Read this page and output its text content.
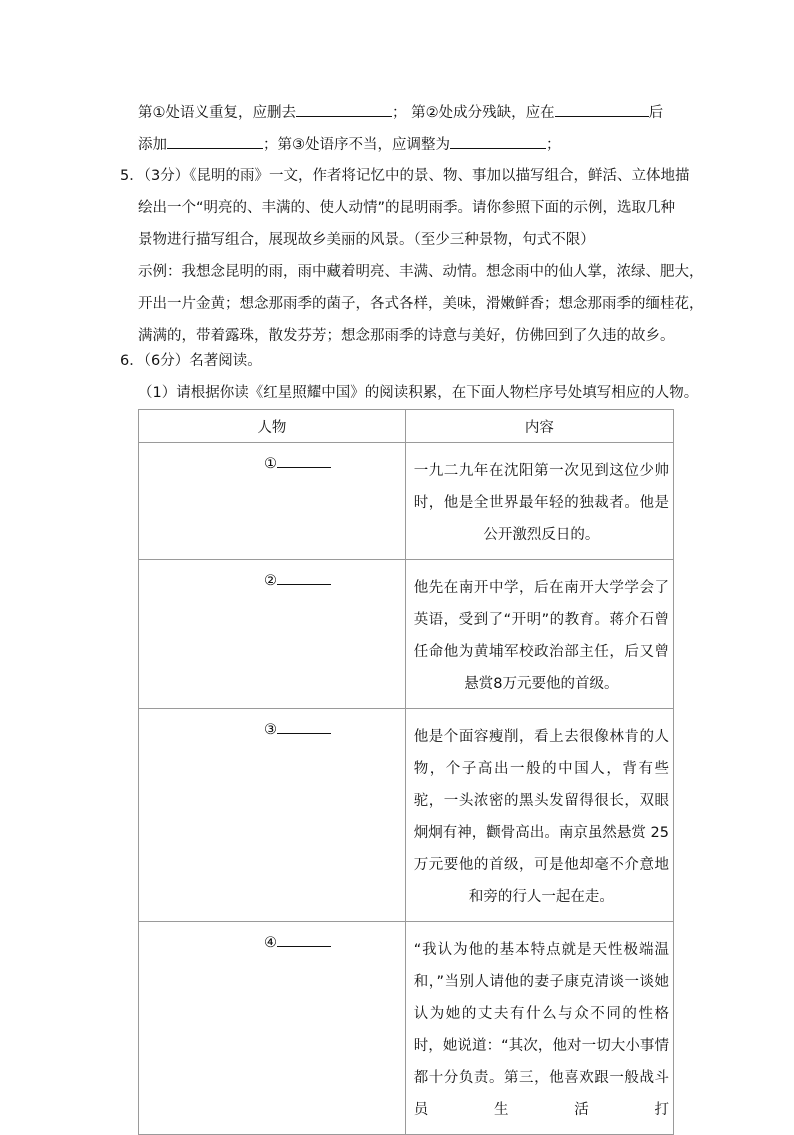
第①处语义重复，应删去	； 第②处成分残缺，应在	后
添加	；第③处语序不当，应调整为	；
5．（3分）《昆明的雨》一文，作者将记忆中的景、物、事加以描写组合，鲜活、立体地描
绘出一个“明亮的、丰满的、使人动情”的昆明雨季。请你参照下面的示例，选取几种
景物进行描写组合，展现故乡美丽的风景。（至少三种景物，句式不限）
示例：我想念昆明的雨，雨中藏着明亮、丰满、动情。想念雨中的仙人掌，浓绿、肥大，
开出一片金黄；想念那雨季的菌子，各式各样，美味，滑嫩鲜香；想念那雨季的缅桂花，
满满的，带着露珠，散发芬芳；想念那雨季的诗意与美好，仿佛回到了久违的故乡。
6．（6分）名著阅读。
（1）请根据你读《红星照耀中国》的阅读积累，在下面人物栏序号处填写相应的人物。
人物	内容

①	一九二九年在沈阳第一次见到这位少帅时，他是全世界最年轻的独裁者。他是公开激烈反日的。

②	他先在南开中学，后在南开大学学会了英语，受到了“开明”的教育。蒋介石曾任命他为黄埔军校政治部主任，后又曾悬赏8万元要他的首级。

③	他是个面容瘦削，看上去很像林肯的人物，个子高出一般的中国人，背有些驼，一头浓密的黑头发留得很长，双眼炯炯有神，颧骨高出。南京虽然悬赏 25万元要他的首级，可是他却毫不介意地和旁的行人一起在走。

④	“我认为他的基本特点就是天性极端温和，”当别人请他的妻子康克清谈一谈她认为她的丈夫有什么与众不同的性格时，她说道：“其次，他对一切大小事情都十分负责。第三，他喜欢跟一般战斗员生活打
